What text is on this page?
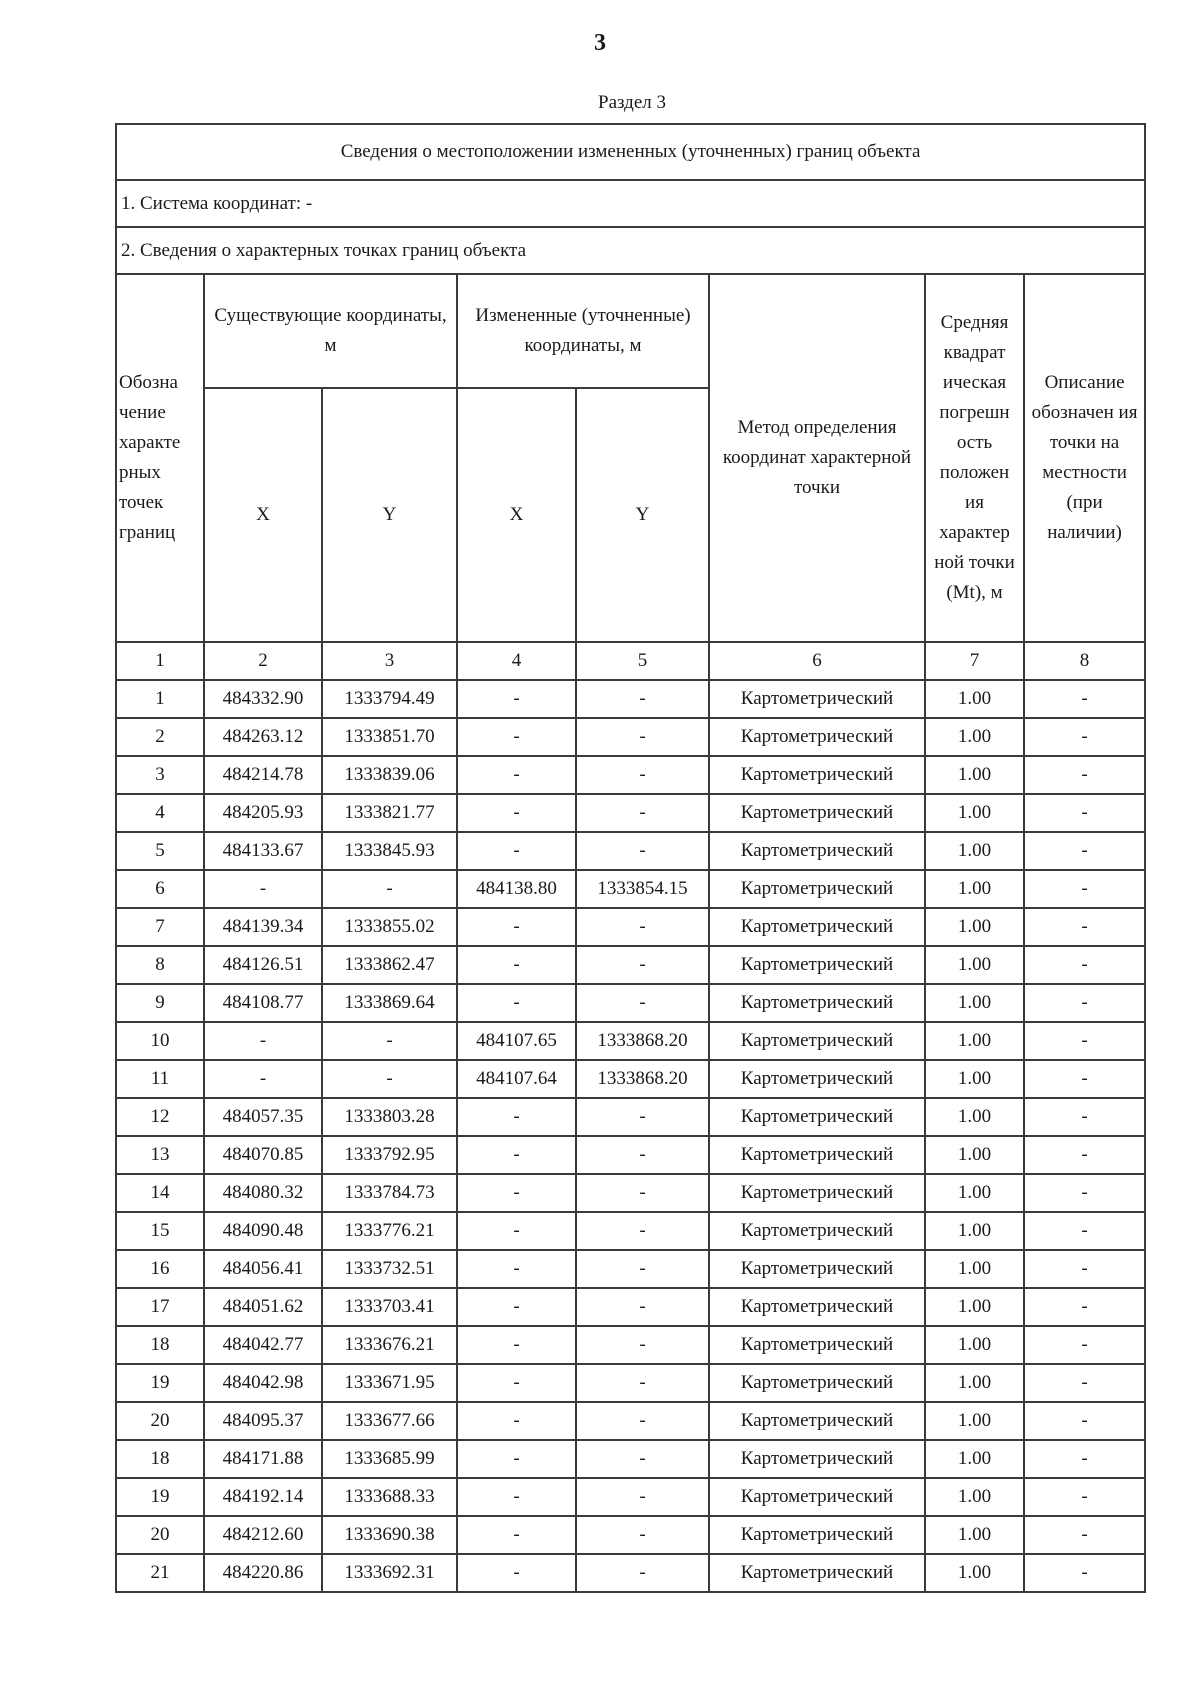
3
Раздел 3
Сведения о местоположении измененных (уточненных) границ объекта							
1. Система координат: -							
2. Сведения о характерных точках границ объекта							
Обозна чение характе рных точек границ	Существующие координаты, м		Измененные (уточненные) координаты, м		Метод определения координат характерной точки	Средняя квадрат ическая погрешн ость положен ия характер ной точки (Mt), м	Описание обозначен ия точки на местности (при наличии)
	X	Y	X	Y			
1	2	3	4	5	6	7	8
1	484332.90	1333794.49	-	-	Картометрический	1.00	-
2	484263.12	1333851.70	-	-	Картометрический	1.00	-
3	484214.78	1333839.06	-	-	Картометрический	1.00	-
4	484205.93	1333821.77	-	-	Картометрический	1.00	-
5	484133.67	1333845.93	-	-	Картометрический	1.00	-
6	-	-	484138.80	1333854.15	Картометрический	1.00	-
7	484139.34	1333855.02	-	-	Картометрический	1.00	-
8	484126.51	1333862.47	-	-	Картометрический	1.00	-
9	484108.77	1333869.64	-	-	Картометрический	1.00	-
10	-	-	484107.65	1333868.20	Картометрический	1.00	-
11	-	-	484107.64	1333868.20	Картометрический	1.00	-
12	484057.35	1333803.28	-	-	Картометрический	1.00	-
13	484070.85	1333792.95	-	-	Картометрический	1.00	-
14	484080.32	1333784.73	-	-	Картометрический	1.00	-
15	484090.48	1333776.21	-	-	Картометрический	1.00	-
16	484056.41	1333732.51	-	-	Картометрический	1.00	-
17	484051.62	1333703.41	-	-	Картометрический	1.00	-
18	484042.77	1333676.21	-	-	Картометрический	1.00	-
19	484042.98	1333671.95	-	-	Картометрический	1.00	-
20	484095.37	1333677.66	-	-	Картометрический	1.00	-
18	484171.88	1333685.99	-	-	Картометрический	1.00	-
19	484192.14	1333688.33	-	-	Картометрический	1.00	-
20	484212.60	1333690.38	-	-	Картометрический	1.00	-
21	484220.86	1333692.31	-	-	Картометрический	1.00	-
